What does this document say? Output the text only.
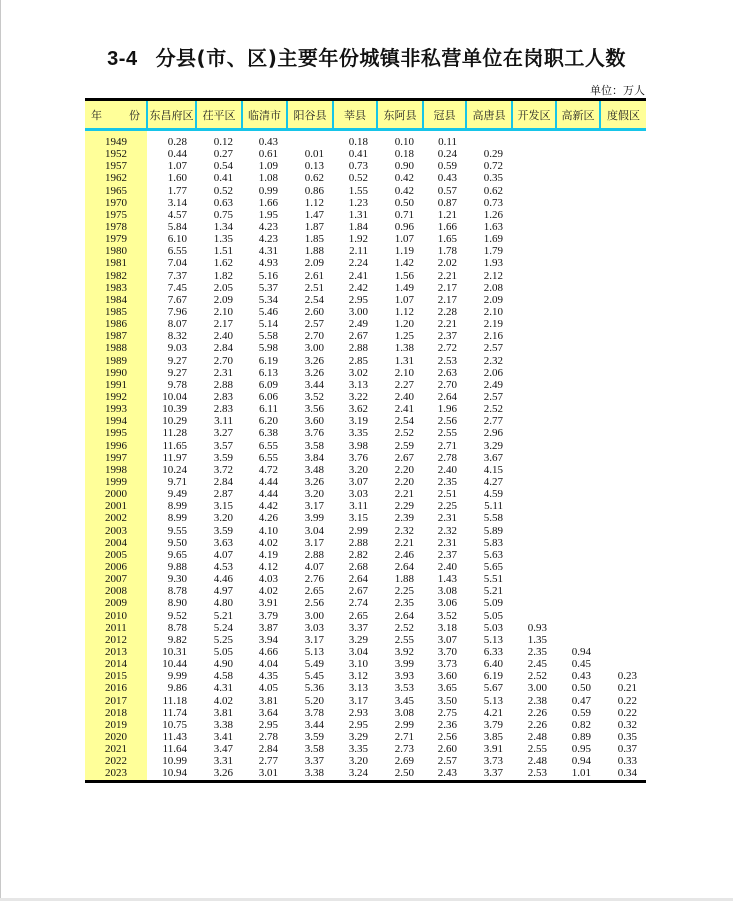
3-4 分县(市、区)主要年份城镇非私营单位在岗职工人数
单位：万人
年　份	东昌府区	茌平区	临清市	阳谷县	莘县	东阿县	冠县	高唐县	开发区	高新区	度假区
1949	0.28	0.12	0.43		0.18	0.10	0.11				
1952	0.44	0.27	0.61	0.01	0.41	0.18	0.24	0.29			
1957	1.07	0.54	1.09	0.13	0.73	0.90	0.59	0.72			
1962	1.60	0.41	1.08	0.62	0.52	0.42	0.43	0.35			
1965	1.77	0.52	0.99	0.86	1.55	0.42	0.57	0.62			
1970	3.14	0.63	1.66	1.12	1.23	0.50	0.87	0.73			
1975	4.57	0.75	1.95	1.47	1.31	0.71	1.21	1.26			
1978	5.84	1.34	4.23	1.87	1.84	0.96	1.66	1.63			
1979	6.10	1.35	4.23	1.85	1.92	1.07	1.65	1.69			
1980	6.55	1.51	4.31	1.88	2.11	1.19	1.78	1.79			
1981	7.04	1.62	4.93	2.09	2.24	1.42	2.02	1.93			
1982	7.37	1.82	5.16	2.61	2.41	1.56	2.21	2.12			
1983	7.45	2.05	5.37	2.51	2.42	1.49	2.17	2.08			
1984	7.67	2.09	5.34	2.54	2.95	1.07	2.17	2.09			
1985	7.96	2.10	5.46	2.60	3.00	1.12	2.28	2.10			
1986	8.07	2.17	5.14	2.57	2.49	1.20	2.21	2.19			
1987	8.32	2.40	5.58	2.70	2.67	1.25	2.37	2.16			
1988	9.03	2.84	5.98	3.00	2.88	1.38	2.72	2.57			
1989	9.27	2.70	6.19	3.26	2.85	1.31	2.53	2.32			
1990	9.27	2.31	6.13	3.26	3.02	2.10	2.63	2.06			
1991	9.78	2.88	6.09	3.44	3.13	2.27	2.70	2.49			
1992	10.04	2.83	6.06	3.52	3.22	2.40	2.64	2.57			
1993	10.39	2.83	6.11	3.56	3.62	2.41	1.96	2.52			
1994	10.29	3.11	6.20	3.60	3.19	2.54	2.56	2.77			
1995	11.28	3.27	6.38	3.76	3.35	2.52	2.55	2.96			
1996	11.65	3.57	6.55	3.58	3.98	2.59	2.71	3.29			
1997	11.97	3.59	6.55	3.84	3.76	2.67	2.78	3.67			
1998	10.24	3.72	4.72	3.48	3.20	2.20	2.40	4.15			
1999	9.71	2.84	4.44	3.26	3.07	2.20	2.35	4.27			
2000	9.49	2.87	4.44	3.20	3.03	2.21	2.51	4.59			
2001	8.99	3.15	4.42	3.17	3.11	2.29	2.25	5.11			
2002	8.99	3.20	4.26	3.99	3.15	2.39	2.31	5.58			
2003	9.55	3.59	4.10	3.04	2.99	2.32	2.32	5.89			
2004	9.50	3.63	4.02	3.17	2.88	2.21	2.31	5.83			
2005	9.65	4.07	4.19	2.88	2.82	2.46	2.37	5.63			
2006	9.88	4.53	4.12	4.07	2.68	2.64	2.40	5.65			
2007	9.30	4.46	4.03	2.76	2.64	1.88	1.43	5.51			
2008	8.78	4.97	4.02	2.65	2.67	2.25	3.08	5.21			
2009	8.90	4.80	3.91	2.56	2.74	2.35	3.06	5.09			
2010	9.52	5.21	3.79	3.00	2.65	2.64	3.52	5.05			
2011	8.78	5.24	3.87	3.03	3.37	2.52	3.18	5.03	0.93		
2012	9.82	5.25	3.94	3.17	3.29	2.55	3.07	5.13	1.35		
2013	10.31	5.05	4.66	5.13	3.04	3.92	3.70	6.33	2.35	0.94	
2014	10.44	4.90	4.04	5.49	3.10	3.99	3.73	6.40	2.45	0.45	
2015	9.99	4.58	4.35	5.45	3.12	3.93	3.60	6.19	2.52	0.43	0.23
2016	9.86	4.31	4.05	5.36	3.13	3.53	3.65	5.67	3.00	0.50	0.21
2017	11.18	4.02	3.81	5.20	3.17	3.45	3.50	5.13	2.38	0.47	0.22
2018	11.74	3.81	3.64	3.78	2.93	3.08	2.75	4.21	2.26	0.59	0.22
2019	10.75	3.38	2.95	3.44	2.95	2.99	2.36	3.79	2.26	0.82	0.32
2020	11.43	3.41	2.78	3.59	3.29	2.71	2.56	3.85	2.48	0.89	0.35
2021	11.64	3.47	2.84	3.58	3.35	2.73	2.60	3.91	2.55	0.95	0.37
2022	10.99	3.31	2.77	3.37	3.20	2.69	2.57	3.73	2.48	0.94	0.33
2023	10.94	3.26	3.01	3.38	3.24	2.50	2.43	3.37	2.53	1.01	0.34
